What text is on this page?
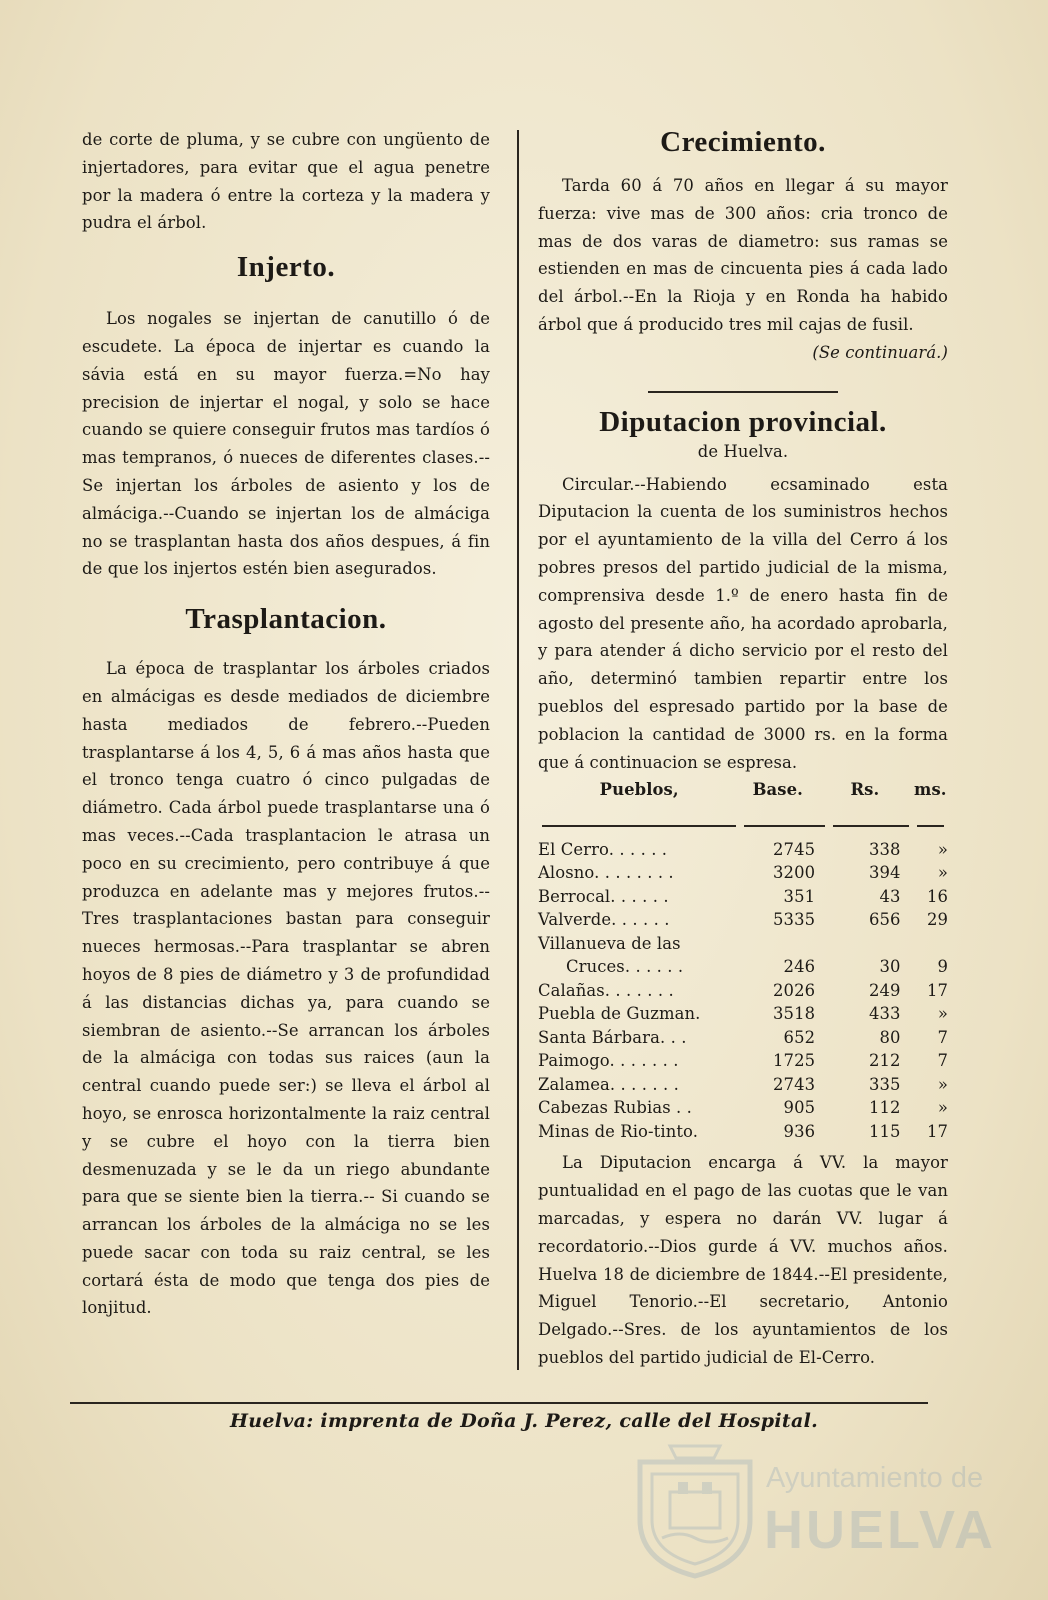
de corte de pluma, y se cubre con ungüento de injertadores, para evitar que el agua penetre por la madera ó entre la corteza y la madera y pudra el árbol.

Injerto.

Los nogales se injertan de canutillo ó de escudete. La época de injertar es cuando la sávia está en su mayor fuerza.=No hay precision de injertar el nogal, y solo se hace cuando se quiere conseguir frutos mas tardíos ó mas tempranos, ó nueces de diferentes clases.--Se injertan los árboles de asiento y los de almáciga.--Cuando se injertan los de almáciga no se trasplantan hasta dos años despues, á fin de que los injertos estén bien asegurados.

Trasplantacion.

La época de trasplantar los árboles criados en almácigas es desde mediados de diciembre hasta mediados de febrero.--Pueden trasplantarse á los 4, 5, 6 á mas años hasta que el tronco tenga cuatro ó cinco pulgadas de diámetro. Cada árbol puede trasplantarse una ó mas veces.--Cada trasplantacion le atrasa un poco en su crecimiento, pero contribuye á que produzca en adelante mas y mejores frutos.--Tres trasplantaciones bastan para conseguir nueces hermosas.--Para trasplantar se abren hoyos de 8 pies de diámetro y 3 de profundidad á las distancias dichas ya, para cuando se siembran de asiento.--Se arrancan los árboles de la almáciga con todas sus raices (aun la central cuando puede ser:) se lleva el árbol al hoyo, se enrosca horizontalmente la raiz central y se cubre el hoyo con la tierra bien desmenuzada y se le da un riego abundante para que se siente bien la tierra.-- Si cuando se arrancan los árboles de la almáciga no se les puede sacar con toda su raiz central, se les cortará ésta de modo que tenga dos pies de lonjitud.

Crecimiento.

Tarda 60 á 70 años en llegar á su mayor fuerza: vive mas de 300 años: cria tronco de mas de dos varas de diametro: sus ramas se estienden en mas de cincuenta pies á cada lado del árbol.--En la Rioja y en Ronda ha habido árbol que á producido tres mil cajas de fusil.

(Se continuará.)

Diputacion provincial.

de Huelva.

Circular.--Habiendo ecsaminado esta Diputacion la cuenta de los suministros hechos por el ayuntamiento de la villa del Cerro á los pobres presos del partido judicial de la misma, comprensiva desde 1.º de enero hasta fin de agosto del presente año, ha acordado aprobarla, y para atender á dicho servicio por el resto del año, determinó tambien repartir entre los pueblos del espresado partido por la base de poblacion la cantidad de 3000 rs. en la forma que á continuacion se espresa.

Pueblos,	Base.	Rs.	ms.

El Cerro. . . . . .	2745	338	»
Alosno. . . . . . . .	3200	394	»
Berrocal. . . . . .	351	43	16
Valverde. . . . . .	5335	656	29
Villanueva de las			
Cruces. . . . . .	246	30	9
Calañas. . . . . . .	2026	249	17
Puebla de Guzman.	3518	433	»
Santa Bárbara. . .	652	80	7
Paimogo. . . . . . .	1725	212	7
Zalamea. . . . . . .	2743	335	»
Cabezas Rubias . .	905	112	»
Minas de Rio-tinto.	936	115	17

La Diputacion encarga á VV. la mayor puntualidad en el pago de las cuotas que le van marcadas, y espera no darán VV. lugar á recordatorio.--Dios gurde á VV. muchos años. Huelva 18 de diciembre de 1844.--El presidente, Miguel Tenorio.--El secretario, Antonio Delgado.--Sres. de los ayuntamientos de los pueblos del partido judicial de El-Cerro.

Huelva: imprenta de Doña J. Perez, calle del Hospital.
Ayuntamiento de
HUELVA
